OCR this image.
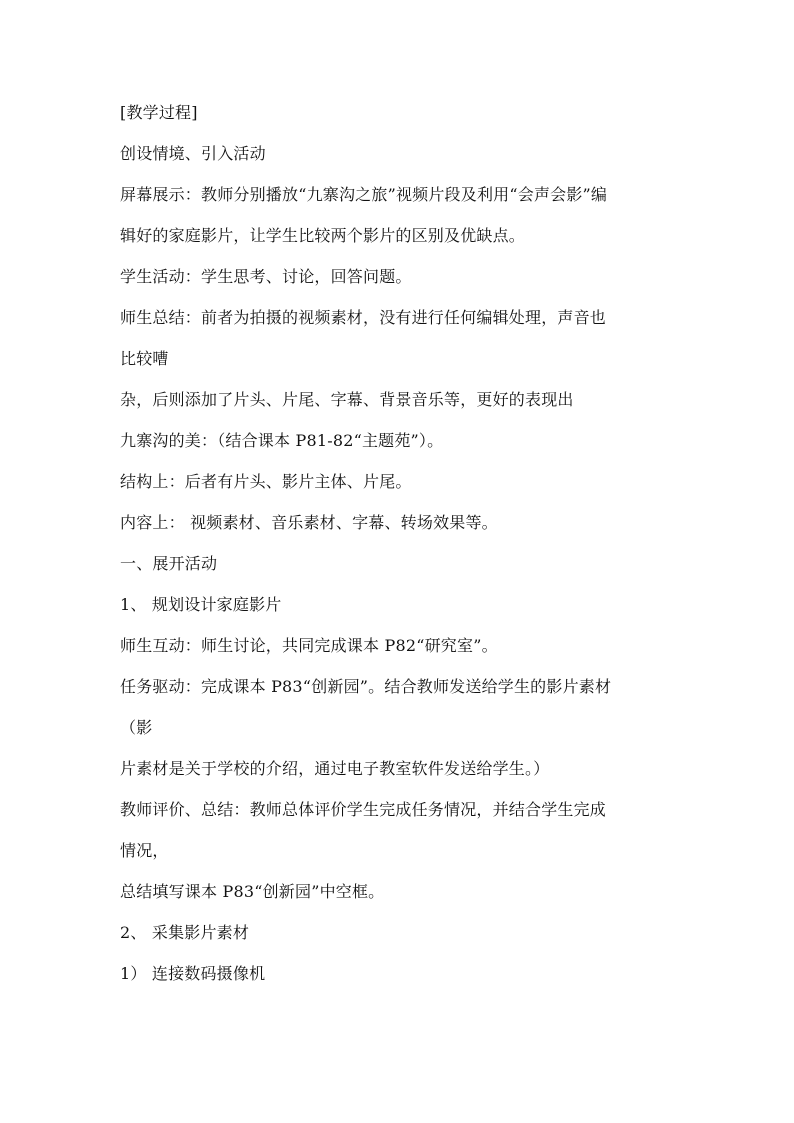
[教学过程]
创设情境、引入活动
屏幕展示：教师分别播放“九寨沟之旅”视频片段及利用“会声会影”编
辑好的家庭影片，让学生比较两个影片的区别及优缺点。
学生活动：学生思考、讨论，回答问题。
师生总结：前者为拍摄的视频素材，没有进行任何编辑处理，声音也
比较嘈
杂，后则添加了片头、片尾、字幕、背景音乐等，更好的表现出
九寨沟的美：（结合课本 P81-82“主题苑”）。
结构上：后者有片头、影片主体、片尾。
内容上： 视频素材、音乐素材、字幕、转场效果等。
一、展开活动
1、 规划设计家庭影片
师生互动：师生讨论，共同完成课本 P82“研究室”。
任务驱动：完成课本 P83“创新园”。结合教师发送给学生的影片素材
（影
片素材是关于学校的介绍，通过电子教室软件发送给学生。）
教师评价、总结：教师总体评价学生完成任务情况，并结合学生完成
情况，
总结填写课本 P83“创新园”中空框。
2、 采集影片素材
1） 连接数码摄像机
